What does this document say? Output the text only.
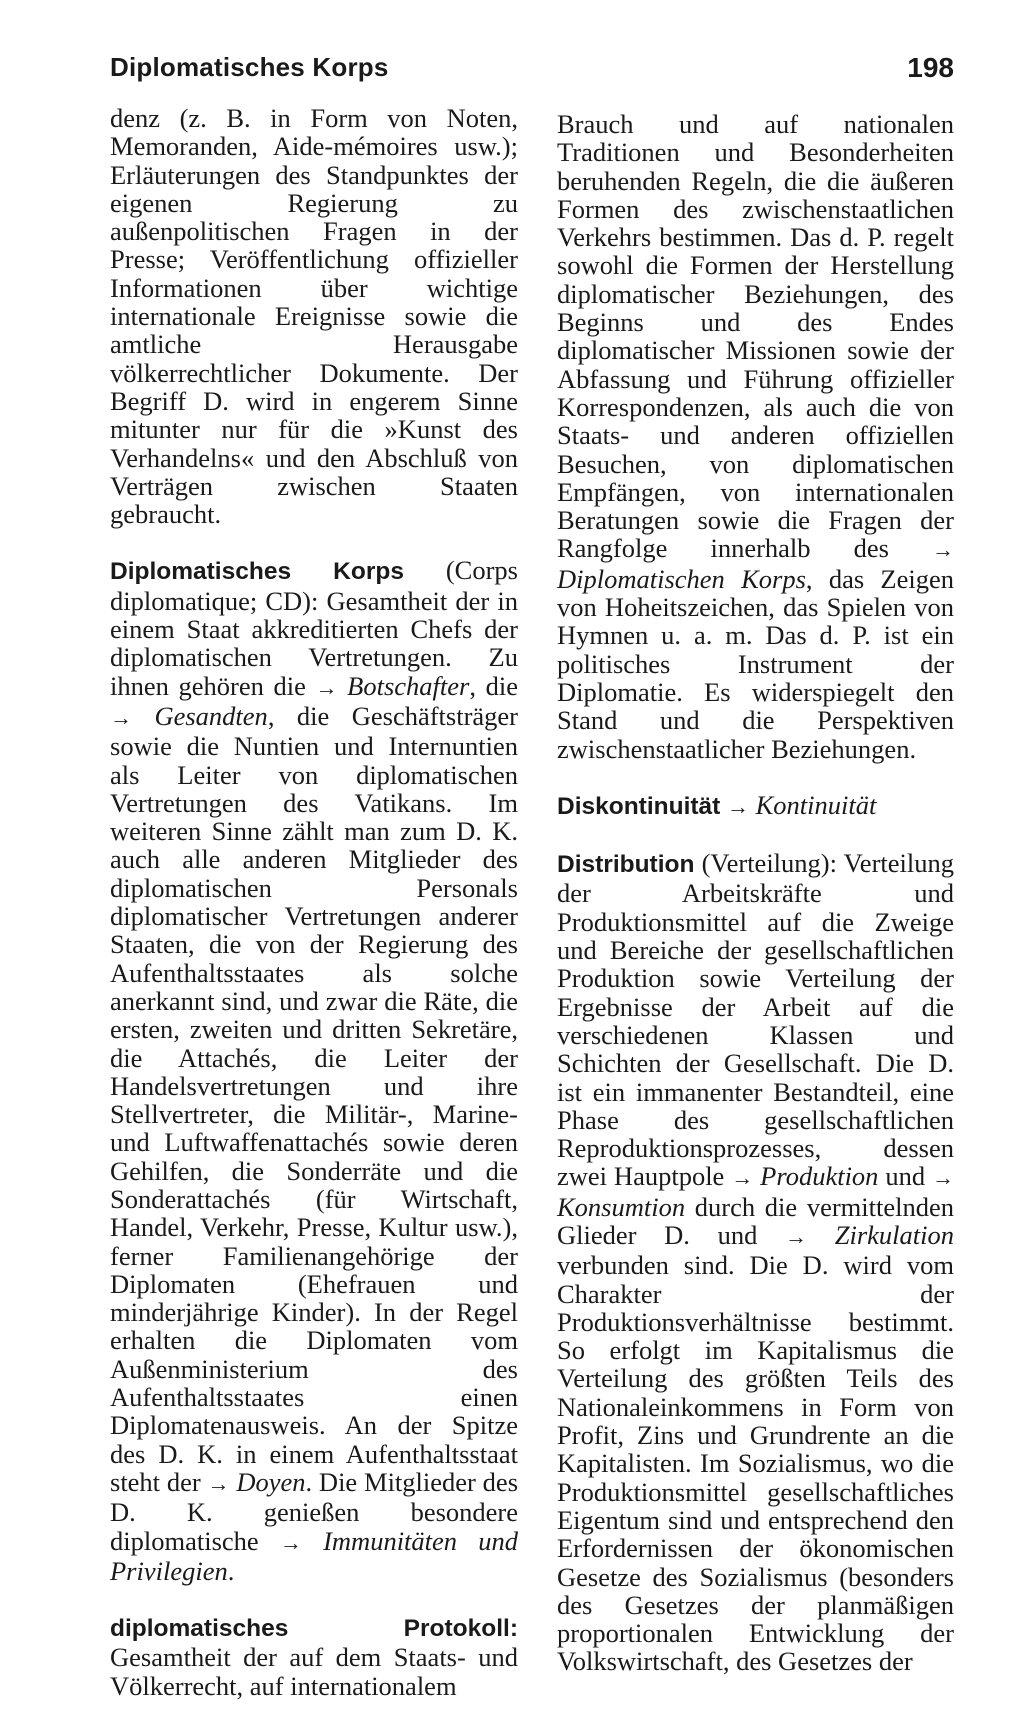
Diplomatisches Korps	198

denz (z. B. in Form von Noten, Memoranden, Aide-mémoires usw.); Erläuterungen des Standpunktes der eigenen Regierung zu außenpolitischen Fragen in der Presse; Veröffentlichung offizieller Informationen über wichtige internationale Ereignisse sowie die amtliche Herausgabe völkerrechtlicher Dokumente. Der Begriff D. wird in engerem Sinne mitunter nur für die »Kunst des Verhandelns« und den Abschluß von Verträgen zwischen Staaten gebraucht.

Diplomatisches Korps (Corps diplomatique; CD): Gesamtheit der in einem Staat akkreditierten Chefs der diplomatischen Vertretungen. Zu ihnen gehören die → Botschafter, die → Gesandten, die Geschäftsträger sowie die Nuntien und Internuntien als Leiter von diplomatischen Vertretungen des Vatikans. Im weiteren Sinne zählt man zum D. K. auch alle anderen Mitglieder des diplomatischen Personals diplomatischer Vertretungen anderer Staaten, die von der Regierung des Aufenthaltsstaates als solche anerkannt sind, und zwar die Räte, die ersten, zweiten und dritten Sekretäre, die Attachés, die Leiter der Handelsvertretungen und ihre Stellvertreter, die Militär-, Marine- und Luftwaffenattachés sowie deren Gehilfen, die Sonderräte und die Sonderattachés (für Wirtschaft, Handel, Verkehr, Presse, Kultur usw.), ferner Familienangehörige der Diplomaten (Ehefrauen und minderjährige Kinder). In der Regel erhalten die Diplomaten vom Außenministerium des Aufenthaltsstaates einen Diplomatenausweis. An der Spitze des D. K. in einem Aufenthaltsstaat steht der → Doyen. Die Mitglieder des D. K. genießen besondere diplomatische → Immunitäten und Privilegien.

diplomatisches Protokoll: Gesamtheit der auf dem Staats- und Völkerrecht, auf internationalem

Brauch und auf nationalen Traditionen und Besonderheiten beruhenden Regeln, die die äußeren Formen des zwischenstaatlichen Verkehrs bestimmen. Das d. P. regelt sowohl die Formen der Herstellung diplomatischer Beziehungen, des Beginns und des Endes diplomatischer Missionen sowie der Abfassung und Führung offizieller Korrespondenzen, als auch die von Staats- und anderen offiziellen Besuchen, von diplomatischen Empfängen, von internationalen Beratungen sowie die Fragen der Rangfolge innerhalb des → Diplomatischen Korps, das Zeigen von Hoheitszeichen, das Spielen von Hymnen u. a. m. Das d. P. ist ein politisches Instrument der Diplomatie. Es widerspiegelt den Stand und die Perspektiven zwischenstaatlicher Beziehungen.

Diskontinuität → Kontinuität

Distribution (Verteilung): Verteilung der Arbeitskräfte und Produktionsmittel auf die Zweige und Bereiche der gesellschaftlichen Produktion sowie Verteilung der Ergebnisse der Arbeit auf die verschiedenen Klassen und Schichten der Gesellschaft. Die D. ist ein immanenter Bestandteil, eine Phase des gesellschaftlichen Reproduktionsprozesses, dessen zwei Hauptpole → Produktion und → Konsumtion durch die vermittelnden Glieder D. und → Zirkulation verbunden sind. Die D. wird vom Charakter der Produktionsverhältnisse bestimmt. So erfolgt im Kapitalismus die Verteilung des größten Teils des Nationaleinkommens in Form von Profit, Zins und Grundrente an die Kapitalisten. Im Sozialismus, wo die Produktionsmittel gesellschaftliches Eigentum sind und entsprechend den Erfordernissen der ökonomischen Gesetze des Sozialismus (besonders des Gesetzes der planmäßigen proportionalen Entwicklung der Volkswirtschaft, des Gesetzes der
